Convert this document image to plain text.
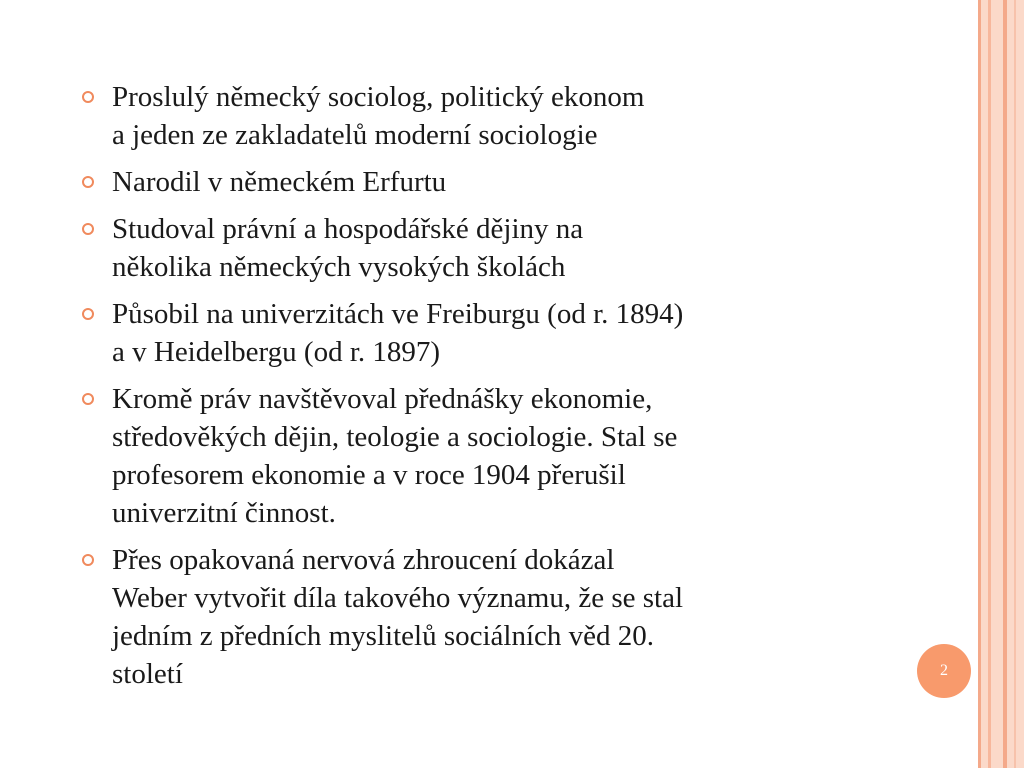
Proslulý německý sociolog, politický ekonom
a jeden ze zakladatelů moderní sociologie
Narodil v německém Erfurtu
Studoval právní a hospodářské dějiny na
několika německých vysokých školách
Působil na univerzitách ve Freiburgu (od r. 1894)
a v Heidelbergu (od r. 1897)
Kromě práv navštěvoval přednášky ekonomie,
středověkých dějin, teologie a sociologie. Stal se
profesorem ekonomie a v roce 1904 přerušil
univerzitní činnost.
Přes opakovaná nervová zhroucení dokázal
Weber vytvořit díla takového významu, že se stal
jedním z předních myslitelů sociálních věd 20.
století	2
